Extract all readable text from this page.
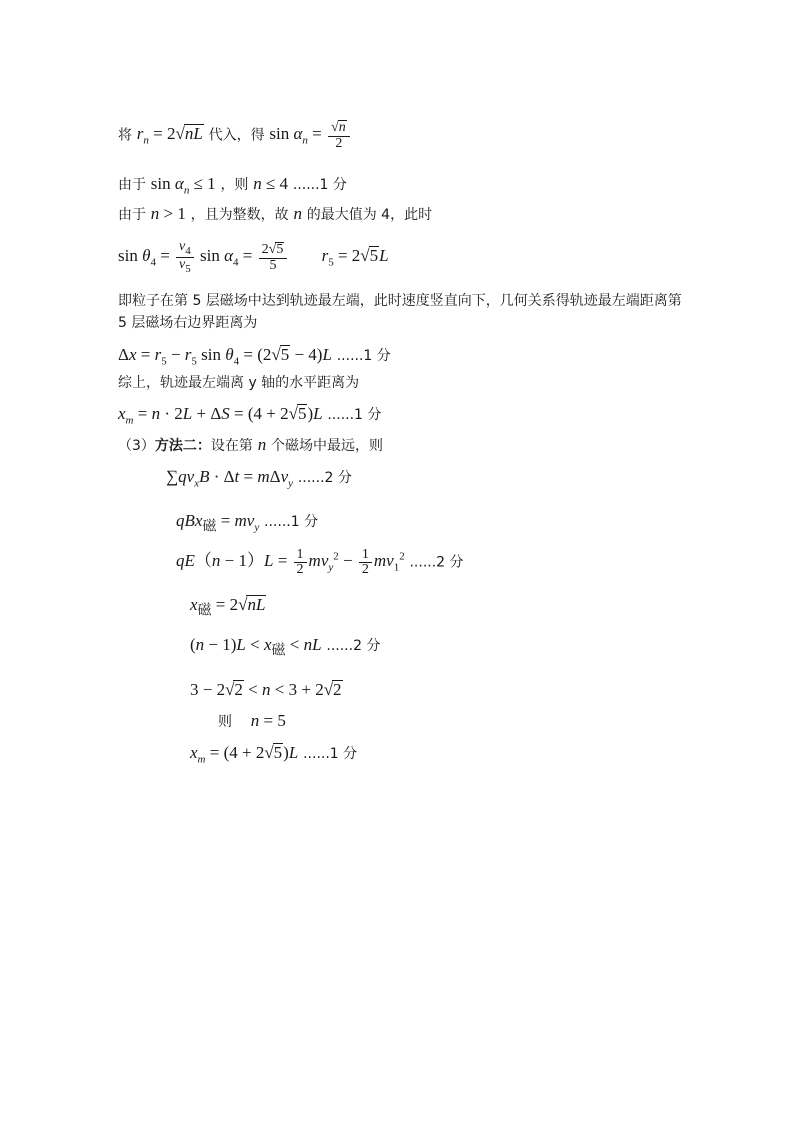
将 $r_n = 2√nL$ 代入，得 $\sin \alpha_n = \frac{√n}{2}$
由于 $\sin \alpha_n \le 1$ ，则 n ≤ 4 ......1 分
由于 n > 1 ，且为整数，故 n 的最大值为 4，此时
$\sin \theta_4 = \frac{v_4}{v_5}$ $\sin \alpha_4 = \frac{2√5}{5} r_5 = 2√5L$
即粒子在第 5 层磁场中达到轨迹最左端，此时速度竖直向下，几何关系得轨迹最左端距离第
5 层磁场右边界距离为
$\Delta x = r_5 - r_5$ $\sin \theta_4 = (2√5 - 4)L$ ......1 分
综上，轨迹最左端离 y 轴的水平距离为
$x_m = n \cdot 2L + \Delta S = (4 + 2√5)L$ ......1 分
（3）方法二：设在第 n 个磁场中最远，则
$\sum qv_xB \cdot \Delta t = m\Delta v_y$ ......2 分
$qBx_磁 = mv_y$ ......1 分
$qE(n - 1)L = \frac{1}{2} mv_y^2 - \frac{1}{2} mv_1^2$ ......2 分
$x_磁 = 2√nL$
$(n - 1)L < x_磁$ < nL ......2 分
3 − 2√2 < n < 3 + 2√2
则 n = 5
$x_m = (4 + 2√5)L$ ......1 分
